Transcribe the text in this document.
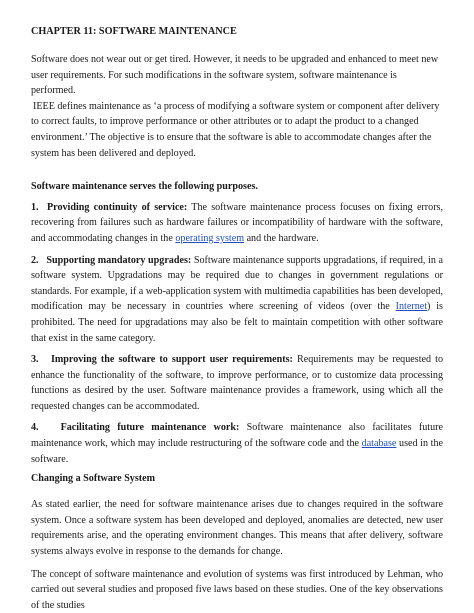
CHAPTER 11: SOFTWARE MAINTENANCE

Software does not wear out or get tired. However, it needs to be upgraded and enhanced to meet new user requirements. For such modifications in the software system, software maintenance is performed.

IEEE defines maintenance as ‘a process of modifying a software system or component after delivery to correct faults, to improve performance or other attributes or to adapt the product to a changed environment.’ The objective is to ensure that the software is able to accommodate changes after the system has been delivered and deployed.

Software maintenance serves the following purposes.

1. Providing continuity of service: The software maintenance process focuses on fixing errors, recovering from failures such as hardware failures or incompatibility of hardware with the software, and accommodating changes in the operating system and the hardware.

2. Supporting mandatory upgrades: Software maintenance supports upgradations, if required, in a software system. Upgradations may be required due to changes in government regulations or standards. For example, if a web-application system with multimedia capabilities has been developed, modification may be necessary in countries where screening of videos (over the Internet) is prohibited. The need for upgradations may also be felt to maintain competition with other software that exist in the same category.

3. Improving the software to support user requirements: Requirements may be requested to enhance the functionality of the software, to improve performance, or to customize data processing functions as desired by the user. Software maintenance provides a framework, using which all the requested changes can be accommodated.

4. Facilitating future maintenance work: Software maintenance also facilitates future maintenance work, which may include restructuring of the software code and the database used in the software.

Changing a Software System

As stated earlier, the need for software maintenance arises due to changes required in the software system. Once a software system has been developed and deployed, anomalies are detected, new user requirements arise, and the operating environment changes. This means that after delivery, software systems always evolve in response to the demands for change.

The concept of software maintenance and evolution of systems was first introduced by Lehman, who carried out several studies and proposed five laws based on these studies. One of the key observations of the studies
